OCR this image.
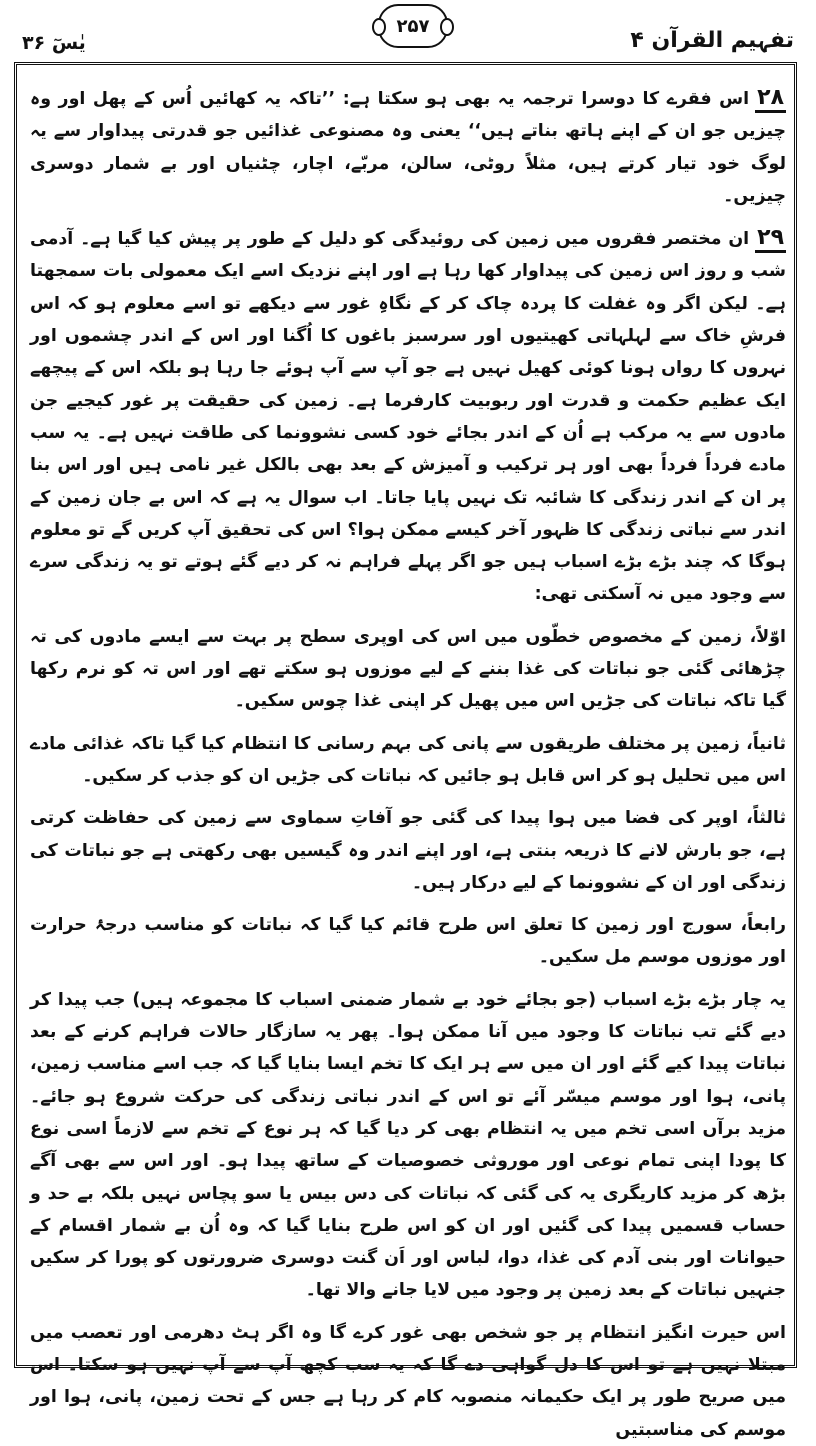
تفہیم القرآن ۴
۲۵۷
یٰسٓ ۳۶

۲۸اس فقرے کا دوسرا ترجمہ یہ بھی ہو سکتا ہے: ’’تاکہ یہ کھائیں اُس کے پھل اور وہ چیزیں جو ان کے اپنے ہاتھ بناتے ہیں‘‘ یعنی وہ مصنوعی غذائیں جو قدرتی پیداوار سے یہ لوگ خود تیار کرتے ہیں، مثلاً روٹی، سالن، مربّے، اچار، چٹنیاں اور بے شمار دوسری چیزیں۔

۲۹ان مختصر فقروں میں زمین کی روئیدگی کو دلیل کے طور پر پیش کیا گیا ہے۔ آدمی شب و روز اس زمین کی پیداوار کھا رہا ہے اور اپنے نزدیک اسے ایک معمولی بات سمجھتا ہے۔ لیکن اگر وہ غفلت کا پردہ چاک کر کے نگاہِ غور سے دیکھے تو اسے معلوم ہو کہ اس فرشِ خاک سے لہلہاتی کھیتیوں اور سرسبز باغوں کا اُگنا اور اس کے اندر چشموں اور نہروں کا رواں ہونا کوئی کھیل نہیں ہے جو آپ سے آپ ہوئے جا رہا ہو بلکہ اس کے پیچھے ایک عظیم حکمت و قدرت اور ربوبیت کارفرما ہے۔ زمین کی حقیقت پر غور کیجیے جن مادوں سے یہ مرکب ہے اُن کے اندر بجائے خود کسی نشوونما کی طاقت نہیں ہے۔ یہ سب مادے فرداً فرداً بھی اور ہر ترکیب و آمیزش کے بعد بھی بالکل غیر نامی ہیں اور اس بنا پر ان کے اندر زندگی کا شائبہ تک نہیں پایا جاتا۔ اب سوال یہ ہے کہ اس بے جان زمین کے اندر سے نباتی زندگی کا ظہور آخر کیسے ممکن ہوا؟ اس کی تحقیق آپ کریں گے تو معلوم ہوگا کہ چند بڑے بڑے اسباب ہیں جو اگر پہلے فراہم نہ کر دیے گئے ہوتے تو یہ زندگی سرے سے وجود میں نہ آسکتی تھی:

اوّلاً، زمین کے مخصوص خطّوں میں اس کی اوپری سطح پر بہت سے ایسے مادوں کی تہ چڑھائی گئی جو نباتات کی غذا بننے کے لیے موزوں ہو سکتے تھے اور اس تہ کو نرم رکھا گیا تاکہ نباتات کی جڑیں اس میں پھیل کر اپنی غذا چوس سکیں۔

ثانیاً، زمین پر مختلف طریقوں سے پانی کی بہم رسانی کا انتظام کیا گیا تاکہ غذائی مادے اس میں تحلیل ہو کر اس قابل ہو جائیں کہ نباتات کی جڑیں ان کو جذب کر سکیں۔

ثالثاً، اوپر کی فضا میں ہوا پیدا کی گئی جو آفاتِ سماوی سے زمین کی حفاظت کرتی ہے، جو بارش لانے کا ذریعہ بنتی ہے، اور اپنے اندر وہ گیسیں بھی رکھتی ہے جو نباتات کی زندگی اور ان کے نشوونما کے لیے درکار ہیں۔

رابعاً، سورج اور زمین کا تعلق اس طرح قائم کیا گیا کہ نباتات کو مناسب درجۂ حرارت اور موزوں موسم مل سکیں۔

یہ چار بڑے بڑے اسباب (جو بجائے خود بے شمار ضمنی اسباب کا مجموعہ ہیں) جب پیدا کر دیے گئے تب نباتات کا وجود میں آنا ممکن ہوا۔ پھر یہ سازگار حالات فراہم کرنے کے بعد نباتات پیدا کیے گئے اور ان میں سے ہر ایک کا تخم ایسا بنایا گیا کہ جب اسے مناسب زمین، پانی، ہوا اور موسم میسّر آئے تو اس کے اندر نباتی زندگی کی حرکت شروع ہو جائے۔ مزید برآں اسی تخم میں یہ انتظام بھی کر دیا گیا کہ ہر نوع کے تخم سے لازماً اسی نوع کا پودا اپنی تمام نوعی اور موروثی خصوصیات کے ساتھ پیدا ہو۔ اور اس سے بھی آگے بڑھ کر مزید کاریگری یہ کی گئی کہ نباتات کی دس بیس یا سو پچاس نہیں بلکہ بے حد و حساب قسمیں پیدا کی گئیں اور ان کو اس طرح بنایا گیا کہ وہ اُن بے شمار اقسام کے حیوانات اور بنی آدم کی غذا، دوا، لباس اور اَن گنت دوسری ضرورتوں کو پورا کر سکیں جنہیں نباتات کے بعد زمین پر وجود میں لایا جانے والا تھا۔

اس حیرت انگیز انتظام پر جو شخص بھی غور کرے گا وہ اگر ہٹ دھرمی اور تعصب میں مبتلا نہیں ہے تو اس کا دل گواہی دے گا کہ یہ سب کچھ آپ سے آپ نہیں ہو سکتا۔ اس میں صریح طور پر ایک حکیمانہ منصوبہ کام کر رہا ہے جس کے تحت زمین، پانی، ہوا اور موسم کی مناسبتیں
